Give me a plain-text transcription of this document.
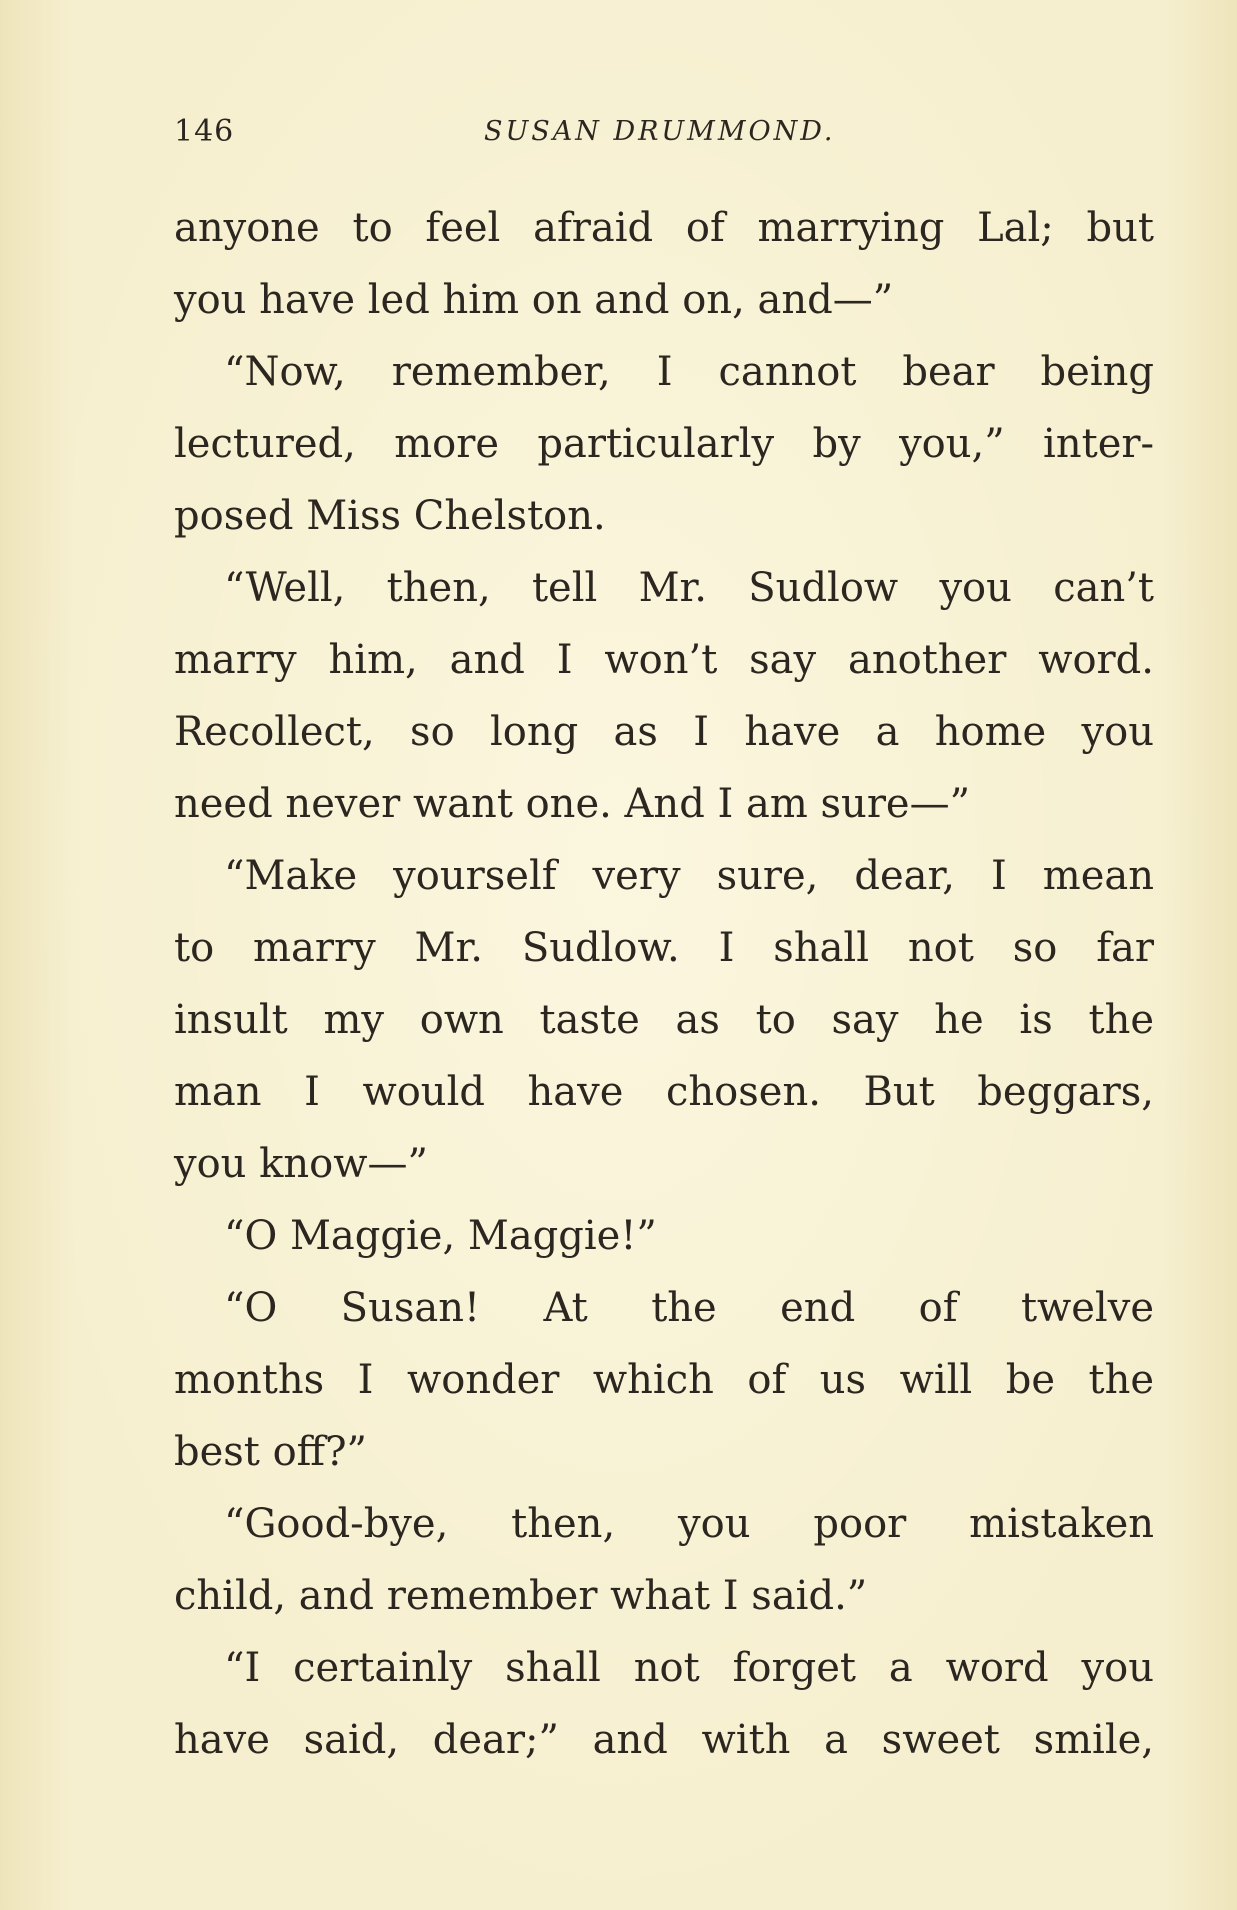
146	SUSAN DRUMMOND.
anyone to feel afraid of marrying Lal; but
you have led him on and on, and—”
“Now, remember, I cannot bear being
lectured, more particularly by you,” inter-
posed Miss Chelston.
“Well, then, tell Mr. Sudlow you can’t
marry him, and I won’t say another word.
Recollect, so long as I have a home you
need never want one. And I am sure—”
“Make yourself very sure, dear, I mean
to marry Mr. Sudlow. I shall not so far
insult my own taste as to say he is the
man I would have chosen. But beggars,
you know—”
“O Maggie, Maggie!”
“O Susan! At the end of twelve
months I wonder which of us will be the
best off?”
“Good-bye, then, you poor mistaken
child, and remember what I said.”
“I certainly shall not forget a word you
have said, dear;” and with a sweet smile,
